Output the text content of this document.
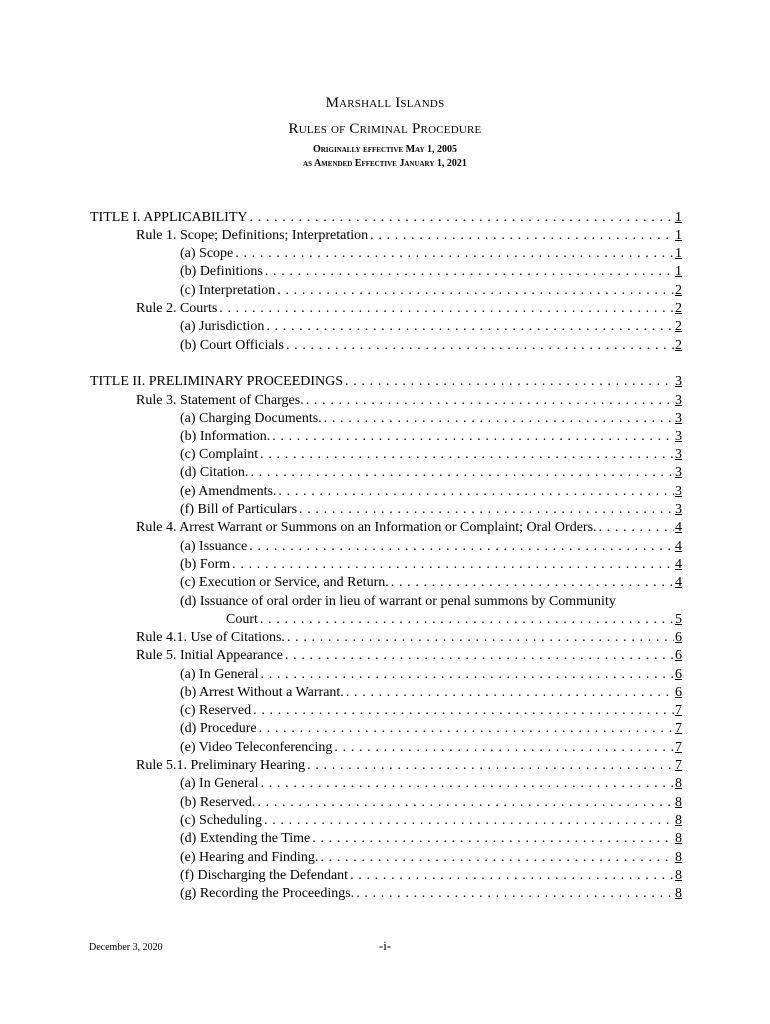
Marshall Islands
Rules of Criminal Procedure
Originally effective May 1, 2005
as Amended Effective January 1, 2021
TITLE I. APPLICABILITY . . .	1
Rule 1. Scope; Definitions; Interpretation . . .	1
(a) Scope . . .	1
(b) Definitions . . .	1
(c) Interpretation . . .	2
Rule 2. Courts . . .	2
(a) Jurisdiction . . .	2
(b) Court Officials . . .	2
TITLE II. PRELIMINARY PROCEEDINGS . . .	3
Rule 3. Statement of Charges. . . .	3
(a) Charging Documents. . . .	3
(b) Information. . . .	3
(c) Complaint . . .	3
(d) Citation. . . .	3
(e) Amendments. . . .	3
(f) Bill of Particulars . . .	3
Rule 4. Arrest Warrant or Summons on an Information or Complaint; Oral Orders. . . .	4
(a) Issuance . . .	4
(b) Form . . .	4
(c) Execution or Service, and Return. . . .	4
(d) Issuance of oral order in lieu of warrant or penal summons by Community
Court . . .	5
Rule 4.1. Use of Citations. . . .	6
Rule 5. Initial Appearance . . .	6
(a) In General . . .	6
(b) Arrest Without a Warrant. . . .	6
(c) Reserved . . .	7
(d) Procedure . . .	7
(e) Video Teleconferencing . . .	7
Rule 5.1. Preliminary Hearing . . .	7
(a) In General . . .	8
(b) Reserved. . . .	8
(c) Scheduling . . .	8
(d) Extending the Time . . .	8
(e) Hearing and Finding. . . .	8
(f) Discharging the Defendant . . .	8
(g) Recording the Proceedings. . . .	8
December 3, 2020	-i-
